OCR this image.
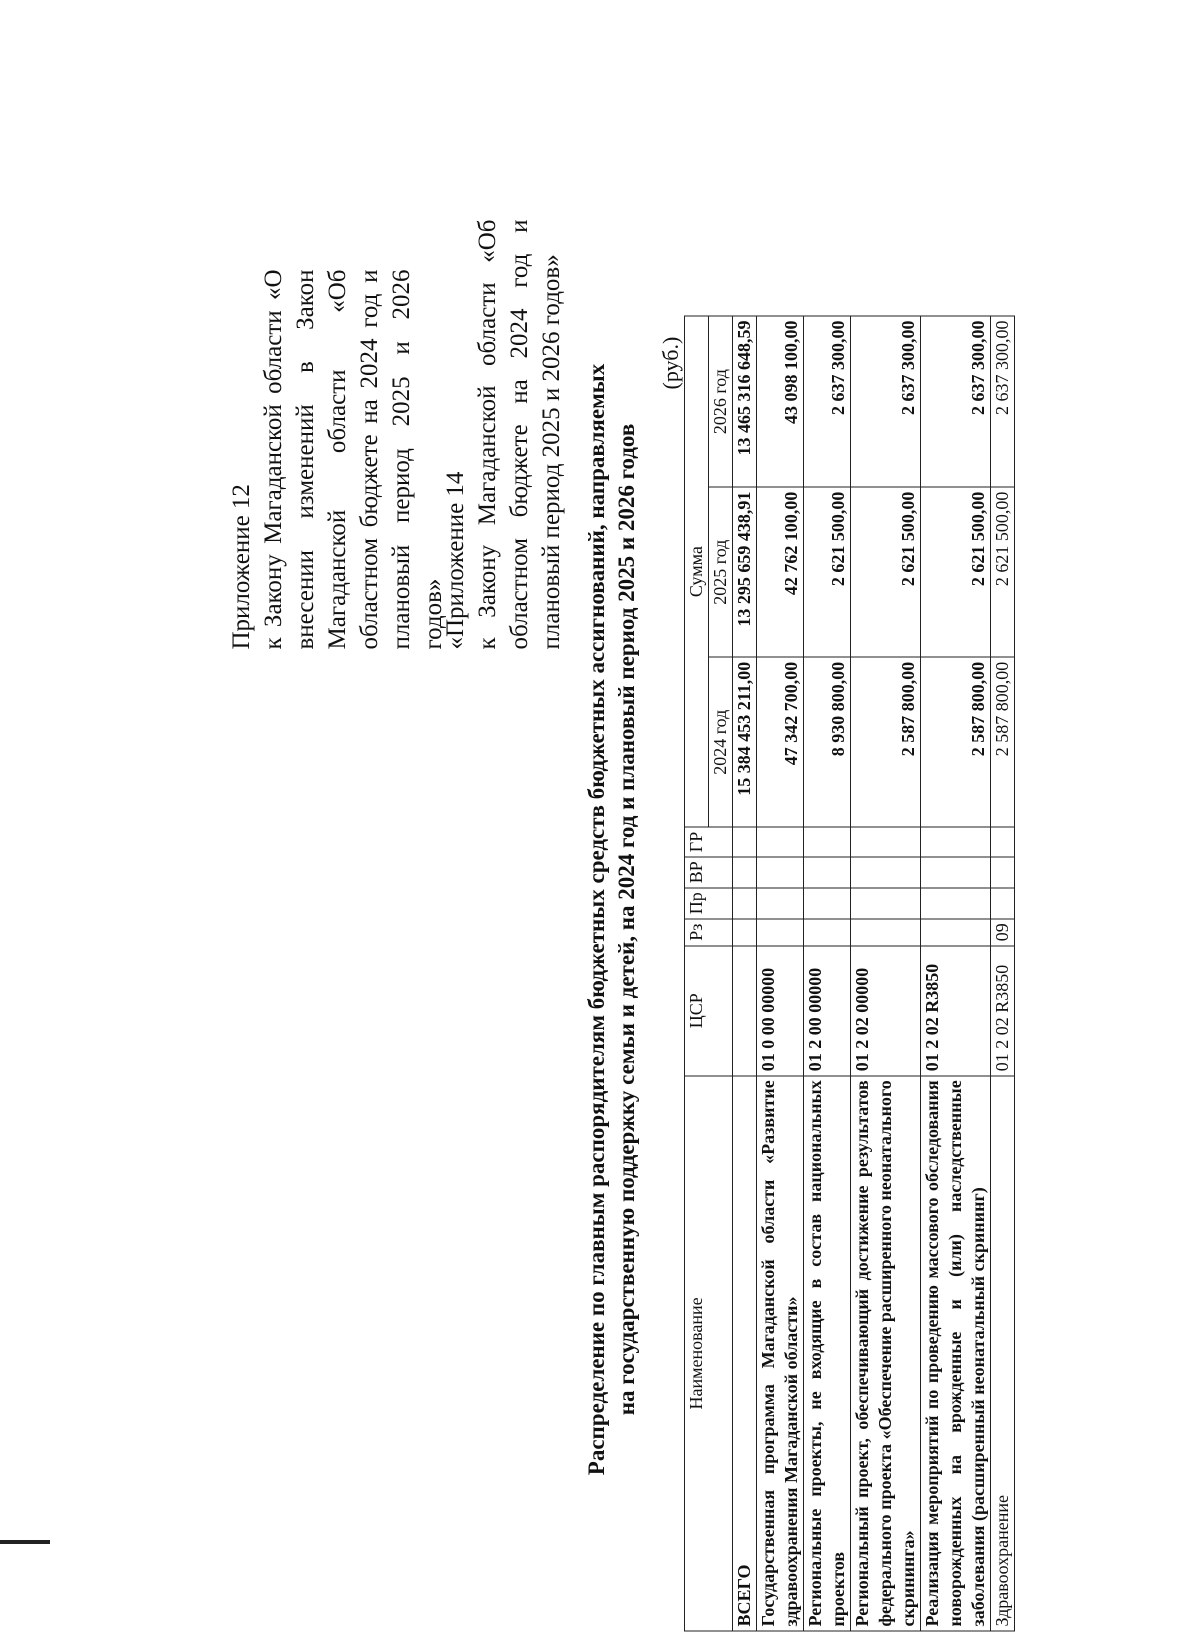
Приложение 12 к Закону Магаданской области «О внесении изменений в Закон Магаданской области «Об областном бюджете на 2024 год и плановый период 2025 и 2026 годов»

«Приложение 14 к Закону Магаданской области «Об областном бюджете на 2024 год и плановый период 2025 и 2026 годов» Распределение по главным распорядителям бюджетных средств бюджетных ассигнований, направляемых на государственную поддержку семьи и детей, на 2024 год и плановый период 2025 и 2026 годов
(руб.)
Наименование	ЦСР	Рз	Пр	ВР	ГР	Сумма		
						2024 год	2025 год	2026 год
ВСЕГО						15 384 453 211,00	13 295 659 438,91	13 465 316 648,59
Государственная программа Магаданской области «Развитие здравоохранения Магаданской области»	01 0 00 00000					47 342 700,00	42 762 100,00	43 098 100,00
Региональные проекты, не входящие в состав национальных проектов	01 2 00 00000					8 930 800,00	2 621 500,00	2 637 300,00
Региональный проект, обеспечивающий достижение результатов федерального проекта «Обеспечение расширенного неонатального скрининга»	01 2 02 00000					2 587 800,00	2 621 500,00	2 637 300,00
Реализация мероприятий по проведению массового обследования новорожденных на врожденные и (или) наследственные заболевания (расширенный неонатальный скрининг)	01 2 02 R3850					2 587 800,00	2 621 500,00	2 637 300,00
Здравоохранение	01 2 02 R3850	09				2 587 800,00	2 621 500,00	2 637 300,00
